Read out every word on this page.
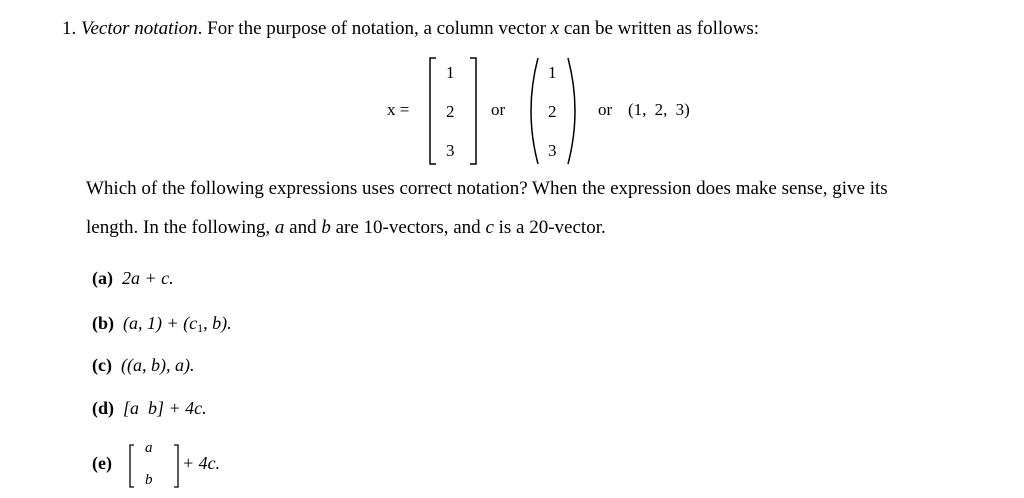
1. Vector notation. For the purpose of notation, a column vector x can be written as follows:
x =
1
2
3
or
1
2
3
or (1, 2, 3)
Which of the following expressions uses correct notation? When the expression does make sense, give its
length. In the following, a and b are 10-vectors, and c is a 20-vector.
(a) 2a + c.
(b) (a, $1) + (c_1$, b).
(c) ((a, b), a).
(d) [a  b] + 4c.
(e)
a
b
+ 4c.
